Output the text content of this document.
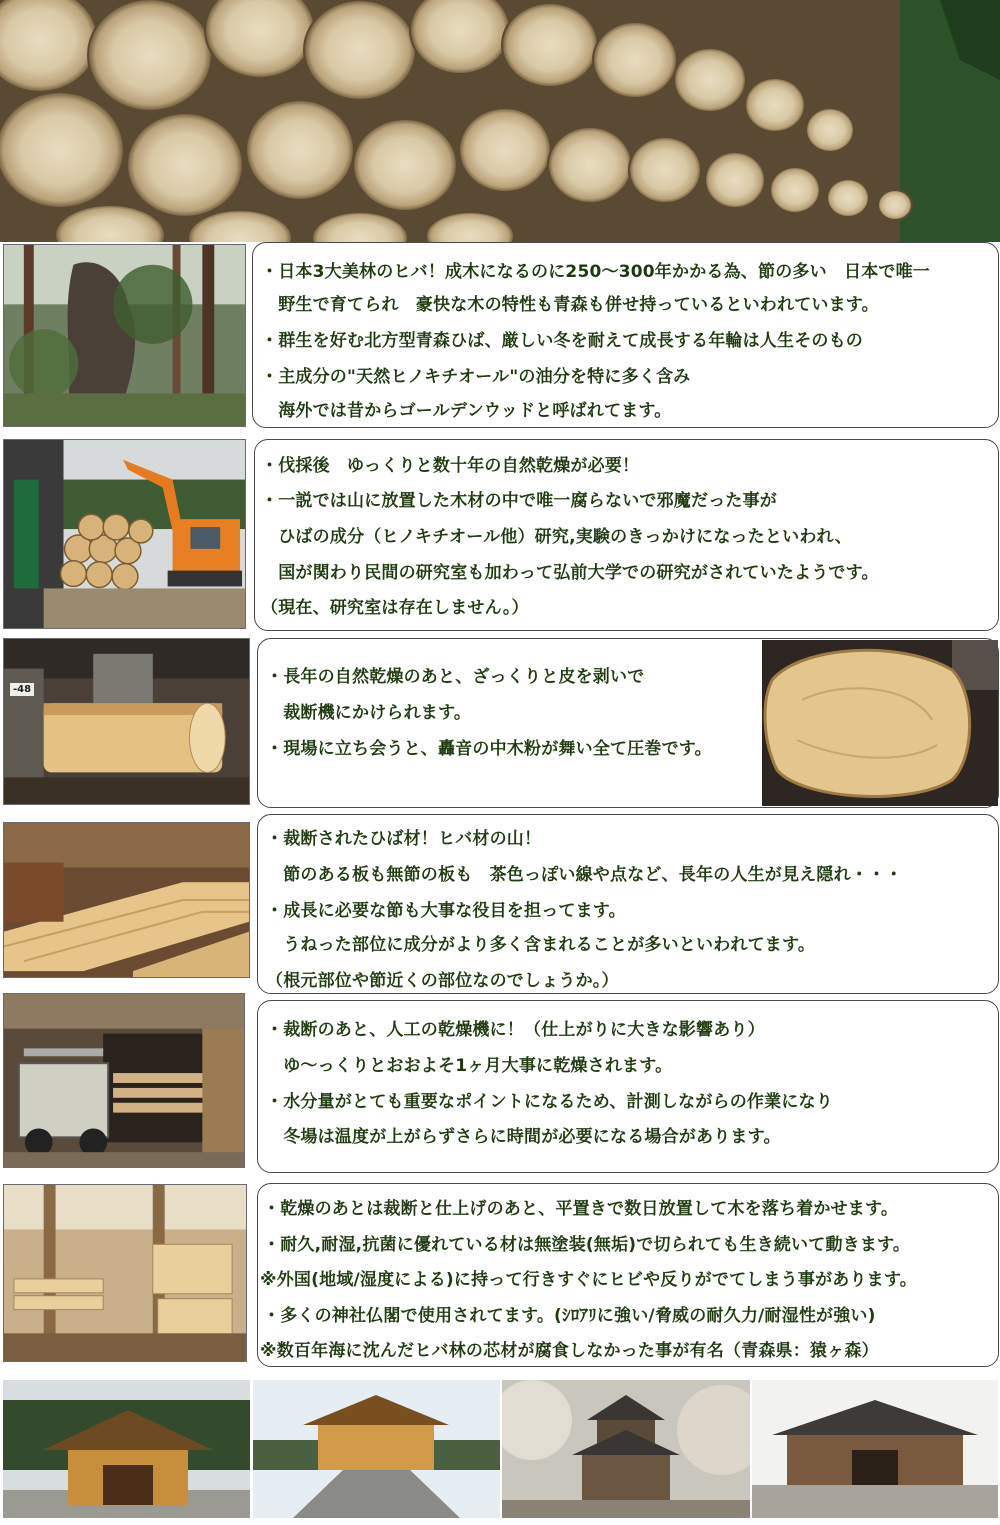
・日本3大美林のヒバ！成木になるのに250～300年かかる為、節の多い　日本で唯一
　野生で育てられ　豪快な木の特性も青森も併せ持っているといわれています。
・群生を好む北方型青森ひば、厳しい冬を耐えて成長する年輪は人生そのもの
・主成分の"天然ヒノキチオール"の油分を特に多く含み
　海外では昔からゴールデンウッドと呼ばれてます。
・伐採後　ゆっくりと数十年の自然乾燥が必要！
・一説では山に放置した木材の中で唯一腐らないで邪魔だった事が
　ひばの成分（ヒノキチオール他）研究,実験のきっかけになったといわれ、
　国が関わり民間の研究室も加わって弘前大学での研究がされていたようです。
（現在、研究室は存在しません。）
-48
・長年の自然乾燥のあと、ざっくりと皮を剥いで
　裁断機にかけられます。
・現場に立ち会うと、轟音の中木粉が舞い全て圧巻です。
・裁断されたひば材！ヒバ材の山！
　節のある板も無節の板も　茶色っぽい線や点など、長年の人生が見え隠れ・・・
・成長に必要な節も大事な役目を担ってます。
　うねった部位に成分がより多く含まれることが多いといわれてます。
（根元部位や節近くの部位なのでしょうか。）
・裁断のあと、人工の乾燥機に！（仕上がりに大きな影響あり）
　ゆ～っくりとおおよそ1ヶ月大事に乾燥されます。
・水分量がとても重要なポイントになるため、計測しながらの作業になり
　冬場は温度が上がらずさらに時間が必要になる場合があります。
・乾燥のあとは裁断と仕上げのあと、平置きで数日放置して木を落ち着かせます。
・耐久,耐湿,抗菌に優れている材は無塗装(無垢)で切られても生き続いて動きます。
※外国(地域/湿度による)に持って行きすぐにヒビや反りがでてしまう事があります。
・多くの神社仏閣で使用されてます。(ｼﾛｱﾘに強い/脅威の耐久力/耐湿性が強い)
※数百年海に沈んだヒバ林の芯材が腐食しなかった事が有名（青森県：猿ヶ森）
